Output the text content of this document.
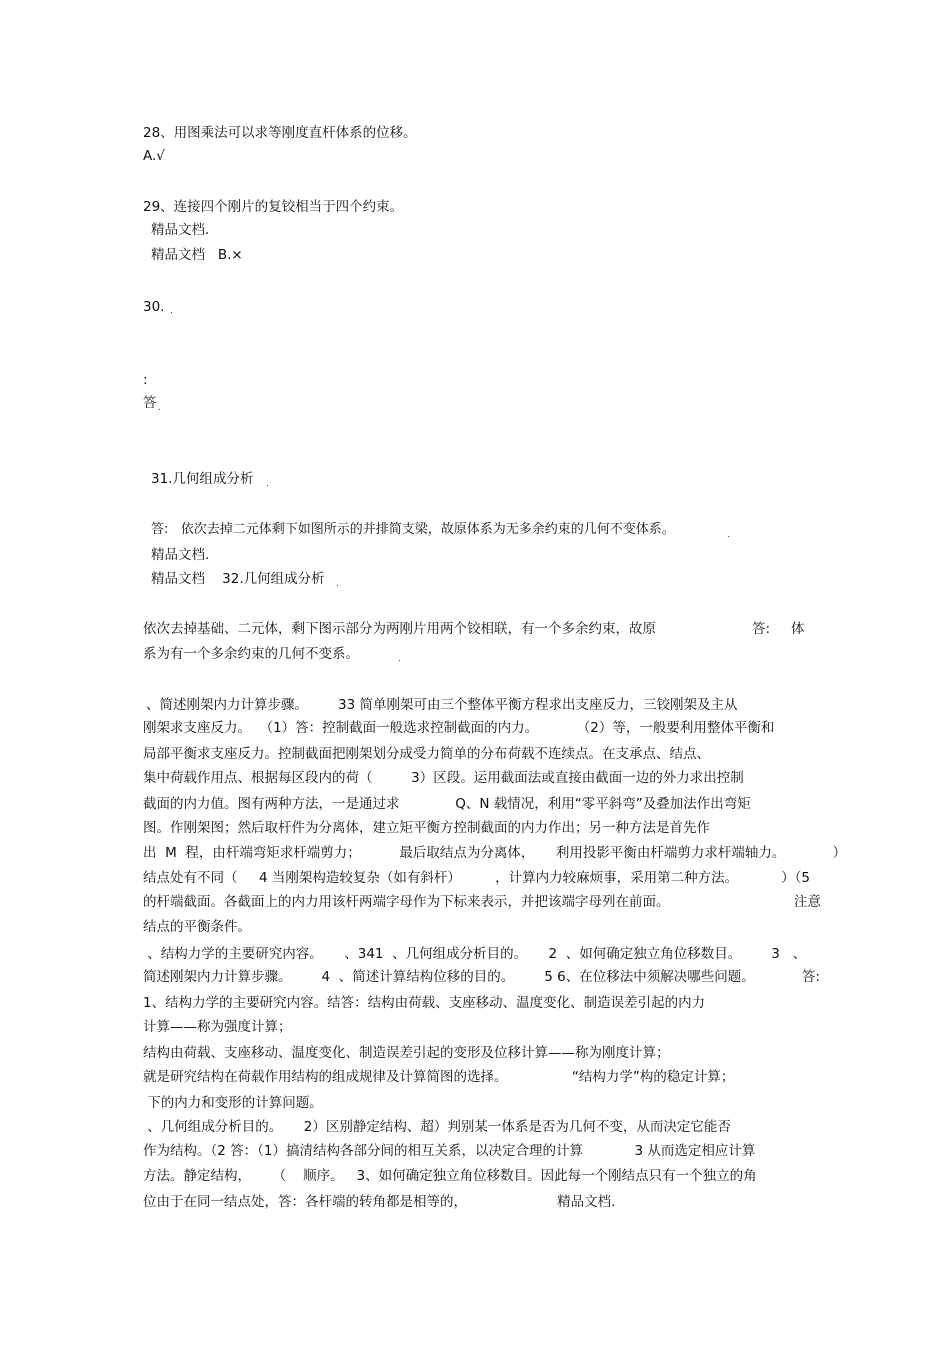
28、用图乘法可以求等刚度直杆体系的位移。
A.√
29、连接四个刚片的复铰相当于四个约束。
精品文档.
精品文档   B.×
30. .
:
答 .
31.几何组成分析 .
答:   依次去掉二元体剩下如图所示的并排简支梁，故原体系为无多余约束的几何不变体系。	.
精品文档.
精品文档    32.几何组成分析 .
依次去掉基础、二元体，剩下图示部分为两刚片用两个铰相联，有一个多余约束，故原	答: 体
系为有一个多余约束的几何不变系。	.
、简述刚架内力计算步骤。       33 简单刚架可由三个整体平衡方程求出支座反力，三铰刚架及主从
刚架求支座反力。  （1）答：控制截面一般选求控制截面的内力。         （2）等，一般要利用整体平衡和
局部平衡求支座反力。控制截面把刚架划分成受力简单的分布荷载不连续点。在支承点、结点、
集中荷载作用点、根据每区段内的荷（         3）区段。运用截面法或直接由截面一边的外力求出控制
截面的内力值。图有两种方法，一是通过求             Q、N 载情况，利用“零平斜弯”及叠加法作出弯矩
图。作刚架图；然后取杆件为分离体，建立矩平衡方控制截面的内力作出；另一种方法是首先作
出  M  程，由杆端弯矩求杆端剪力；         最后取结点为分离体，     利用投影平衡由杆端剪力求杆端轴力。           ）
结点处有不同（     4 当刚架构造较复杂（如有斜杆）        ，计算内力较麻烦事，采用第二种方法。          ）（5
的杆端截面。各截面上的内力用该杆两端字母作为下标来表示，并把该端字母列在前面。                             注意
结点的平衡条件。
、结构力学的主要研究内容。     、341  、几何组成分析目的。     2  、如何确定独立角位移数目。       3   、
简述刚架内力计算步骤。       4  、简述计算结构位移的目的。       5 6、在位移法中须解决哪些问题。           答:
1、结构力学的主要研究内容。结答：结构由荷载、支座移动、温度变化、制造误差引起的内力
计算——称为强度计算；
结构由荷载、支座移动、温度变化、制造误差引起的变形及位移计算——称为刚度计算；
就是研究结构在荷载作用结构的组成规律及计算简图的选择。               “结构力学”构的稳定计算；
下的内力和变形的计算问题。
、几何组成分析目的。     2）区别静定结构、超）判别某一体系是否为几何不变，从而决定它能否
作为结构。（2 答：（1）搞清结构各部分间的相互关系，以决定合理的计算            3 从而选定相应计算
方法。静定结构，     （    顺序。   3、如何确定独立角位移数目。因此每一个刚结点只有一个独立的角
位由于在同一结点处，答：各杆端的转角都是相等的，                     精品文档.
